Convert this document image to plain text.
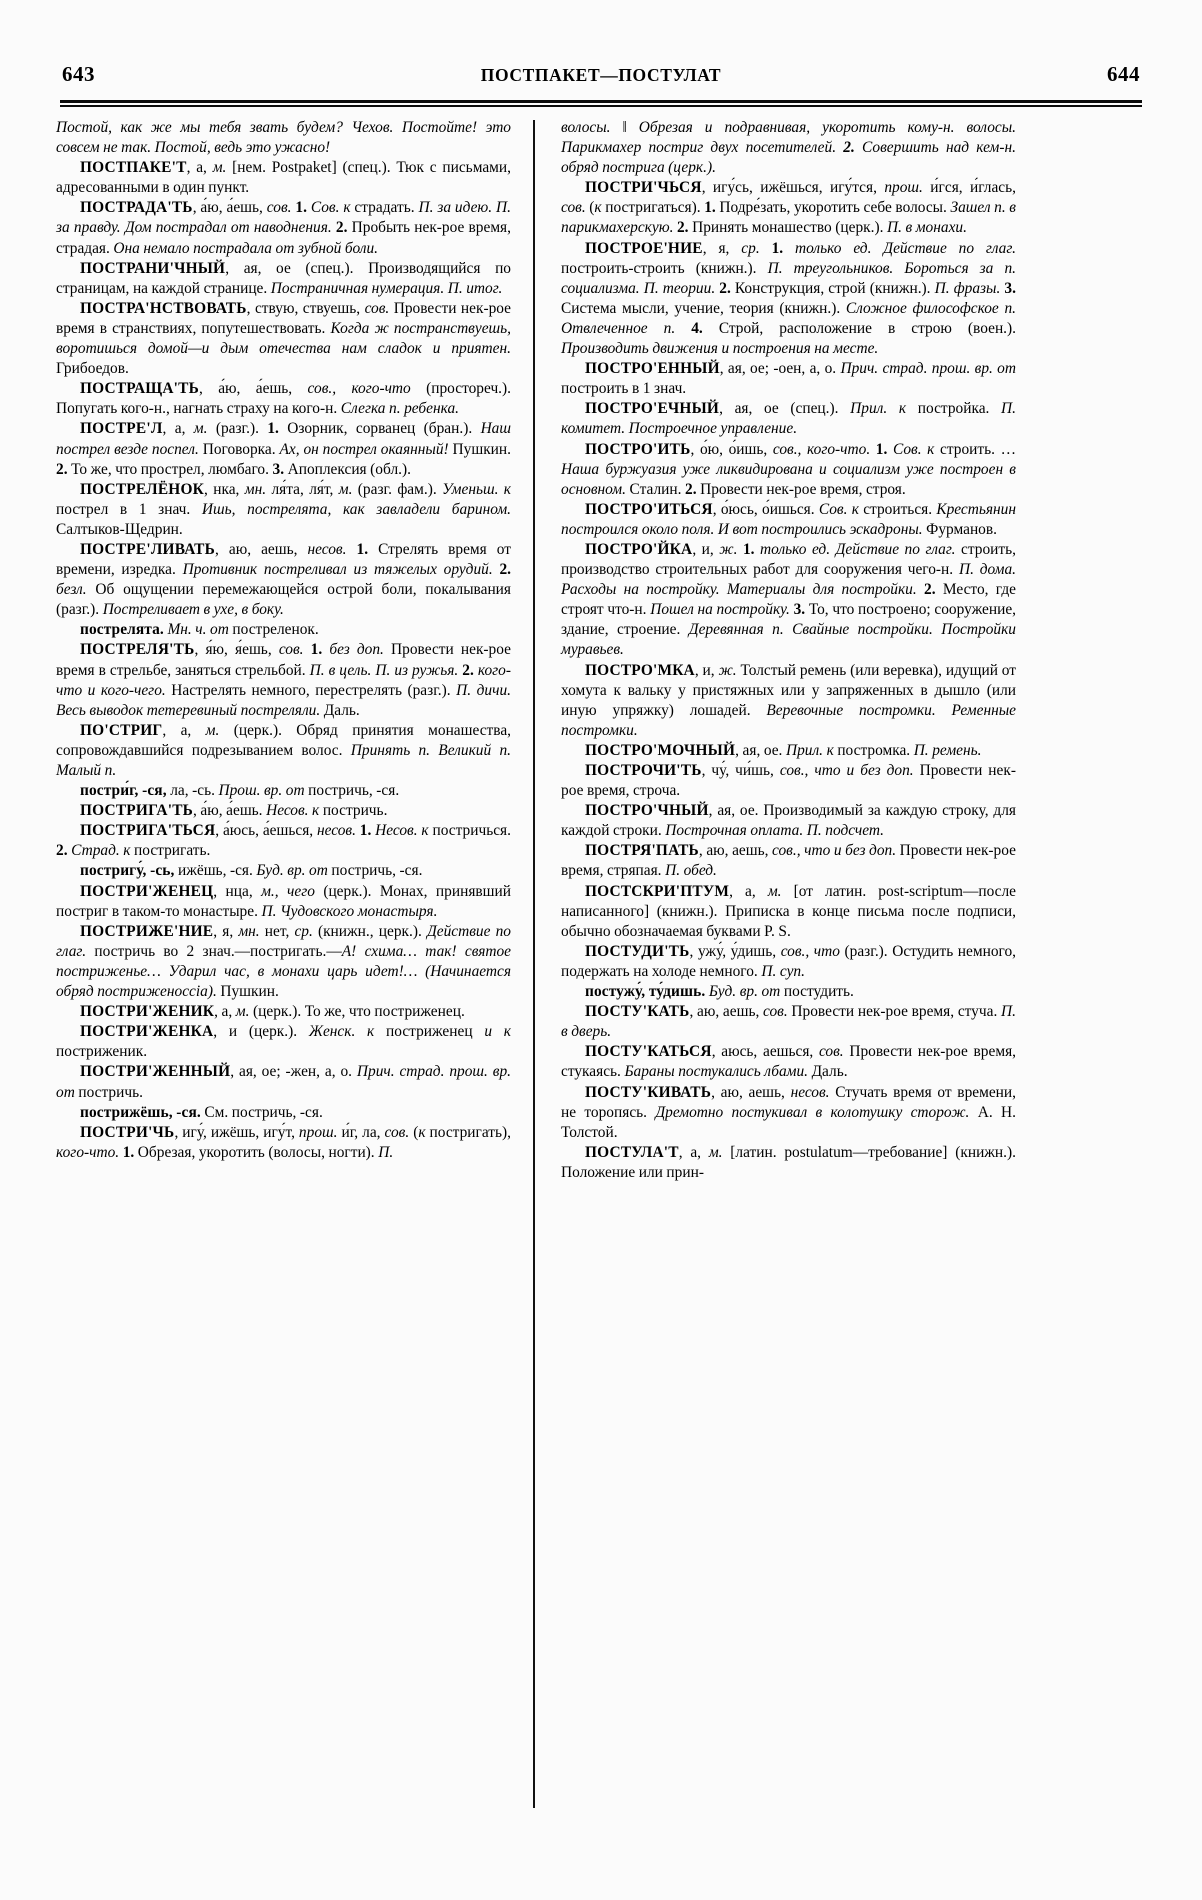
643	ПОСТПАКЕТ—ПОСТУЛАТ	644

Постой, как же мы тебя звать будем? Чехов. Постойте! это совсем не так. Постой, ведь это ужасно!

ПОСТПАКЕ'Т, а, м. [нем. Postpaket] (спец.). Тюк с письмами, адресованными в один пункт.

ПОСТРАДА'ТЬ, а́ю, а́ешь, сов. 1. Сов. к страдать. П. за идею. П. за правду. Дом пострадал от наводнения. 2. Пробыть нек-рое время, страдая. Она немало пострадала от зубной боли.

ПОСТРАНИ'ЧНЫЙ, ая, ое (спец.). Производящийся по страницам, на каждой странице. Постраничная нумерация. П. итог.

ПОСТРА'НСТВОВАТЬ, ствую, ствуешь, сов. Провести нек-рое время в странствиях, попутешествовать. Когда ж постранствуешь, воротишься домой—и дым отечества нам сладок и приятен. Грибоедов.

ПОСТРАЩА'ТЬ, а́ю, а́ешь, сов., кого-что (простореч.). Попугать кого-н., нагнать страху на кого-н. Слегка п. ребенка.

ПОСТРЕ'Л, а, м. (разг.). 1. Озорник, сорванец (бран.). Наш пострел везде поспел. Поговорка. Ах, он пострел окаянный! Пушкин. 2. То же, что прострел, люмбаго. 3. Апоплексия (обл.).

ПОСТРЕЛЁНОК, нка, мн. ля́та, ля́т, м. (разг. фам.). Уменьш. к пострел в 1 знач. Ишь, пострелята, как завладели барином. Салтыков-Щедрин.

ПОСТРЕ'ЛИВАТЬ, аю, аешь, несов. 1. Стрелять время от времени, изредка. Противник постреливал из тяжелых орудий. 2. безл. Об ощущении перемежающейся острой боли, покалывания (разг.). Постреливает в ухе, в боку.

пострелята. Мн. ч. от постреленок.

ПОСТРЕЛЯ'ТЬ, я́ю, я́ешь, сов. 1. без доп. Провести нек-рое время в стрельбе, заняться стрельбой. П. в цель. П. из ружья. 2. кого-что и кого-чего. Настрелять немного, перестрелять (разг.). П. дичи. Весь выводок тетеревиный постреляли. Даль.

ПО'СТРИГ, а, м. (церк.). Обряд принятия монашества, сопровождавшийся подрезыванием волос. Принять п. Великий п. Малый п.

постри́г, -ся, ла, -сь. Прош. вр. от постричь, -ся.

ПОСТРИГА'ТЬ, а́ю, а́ешь. Несов. к постричь.

ПОСТРИГА'ТЬСЯ, а́юсь, а́ешься, несов. 1. Несов. к постричься. 2. Страд. к постригать.

постригу́, -сь, ижёшь, -ся. Буд. вр. от постричь, -ся.

ПОСТРИ'ЖЕНЕЦ, нца, м., чего (церк.). Монах, принявший постриг в таком-то монастыре. П. Чудовского монастыря.

ПОСТРИЖЕ'НИЕ, я, мн. нет, ср. (книжн., церк.). Действие по глаг. постричь во 2 знач.—постригать.—А! схима… так! святое постриженье… Ударил час, в монахи царь идет!… (Начинается обряд постриженoccia). Пушкин.

ПОСТРИ'ЖЕНИК, а, м. (церк.). То же, что постриженец.

ПОСТРИ'ЖЕНКА, и (церк.). Женск. к постриженец и к постриженик.

ПОСТРИ'ЖЕННЫЙ, ая, ое; -жен, а, о. Прич. страд. прош. вр. от постричь.

пострижёшь, -ся. См. постричь, -ся.

ПОСТРИ'ЧЬ, игу́, ижёшь, игу́т, прош. и́г, ла, сов. (к постригать), кого-что. 1. Обрезая, укоротить (волосы, ногти). П.

волосы. ‖ Обрезая и подравнивая, укоротить кому-н. волосы. Парикмахер постриг двух посетителей. 2. Совершить над кем-н. обряд пострига (церк.).

ПОСТРИ'ЧЬСЯ, игу́сь, ижёшься, игу́тся, прош. и́гся, и́глась, сов. (к постригаться). 1. Подре́зать, укоротить себе волосы. Зашел п. в парикмахерскую. 2. Принять монашество (церк.). П. в монахи.

ПОСТРОЕ'НИЕ, я, ср. 1. только ед. Действие по глаг. построить-строить (книжн.). П. треугольников. Бороться за п. социализма. П. теории. 2. Конструкция, строй (книжн.). П. фразы. 3. Система мысли, учение, теория (книжн.). Сложное философское п. Отвлеченное п. 4. Строй, расположение в строю (воен.). Производить движения и построения на месте.

ПОСТРО'ЕННЫЙ, ая, ое; -оен, а, о. Прич. страд. прош. вр. от построить в 1 знач.

ПОСТРО'ЕЧНЫЙ, ая, ое (спец.). Прил. к постройка. П. комитет. Построечное управление.

ПОСТРО'ИТЬ, о́ю, о́ишь, сов., кого-что. 1. Сов. к строить. …Наша буржуазия уже ликвидирована и социализм уже построен в основном. Сталин. 2. Провести нек-рое время, строя.

ПОСТРО'ИТЬСЯ, о́юсь, о́ишься. Сов. к строиться. Крестьянин построился около поля. И вот построились эскадроны. Фурманов.

ПОСТРО'ЙКА, и, ж. 1. только ед. Действие по глаг. строить, производство строительных работ для сооружения чего-н. П. дома. Расходы на постройку. Материалы для постройки. 2. Место, где строят что-н. Пошел на постройку. 3. То, что построено; сооружение, здание, строение. Деревянная п. Свайные постройки. Постройки муравьев.

ПОСТРО'МКА, и, ж. Толстый ремень (или веревка), идущий от хомута к вальку у пристяжных или у запряженных в дышло (или иную упряжку) лошадей. Веревочные постромки. Ременные постромки.

ПОСТРО'МОЧНЫЙ, ая, ое. Прил. к постромка. П. ремень.

ПОСТРОЧИ'ТЬ, чу́, чи́шь, сов., что и без доп. Провести нек-рое время, строча.

ПОСТРО'ЧНЫЙ, ая, ое. Производимый за каждую строку, для каждой строки. Построчная оплата. П. подсчет.

ПОСТРЯ'ПАТЬ, аю, аешь, сов., что и без доп. Провести нек-рое время, стряпая. П. обед.

ПОСТСКРИ'ПТУМ, а, м. [от латин. post-scriptum—после написанного] (книжн.). Приписка в конце письма после подписи, обычно обозначаемая буквами P. S.

ПОСТУДИ'ТЬ, ужу́, у́дишь, сов., что (разг.). Остудить немного, подержать на холоде немного. П. суп.

постужу́, ту́дишь. Буд. вр. от постудить.

ПОСТУ'КАТЬ, аю, аешь, сов. Провести нек-рое время, стуча. П. в дверь.

ПОСТУ'КАТЬСЯ, аюсь, аешься, сов. Провести нек-рое время, стукаясь. Бараны постукались лбами. Даль.

ПОСТУ'КИВАТЬ, аю, аешь, несов. Стучать время от времени, не торопясь. Дремотно постукивал в колотушку сторож. А. Н. Толстой.

ПОСТУЛА'Т, а, м. [латин. postulatum—требование] (книжн.). Положение или прин-
